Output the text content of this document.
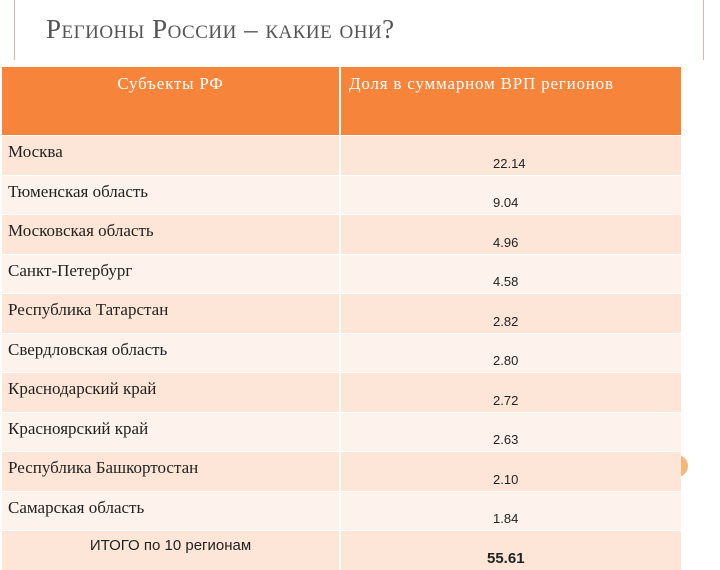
Регионы России – какие они?
Субъекты РФ	Доля в суммарном ВРП регионов
Москва	22.14
Тюменская область	9.04
Московская область	4.96
Санкт-Петербург	4.58
Республика Татарстан	2.82
Свердловская область	2.80
Краснодарский край	2.72
Красноярский край	2.63
Республика Башкортостан	2.10
Самарская область	1.84
ИТОГО по 10 регионам	55.61
